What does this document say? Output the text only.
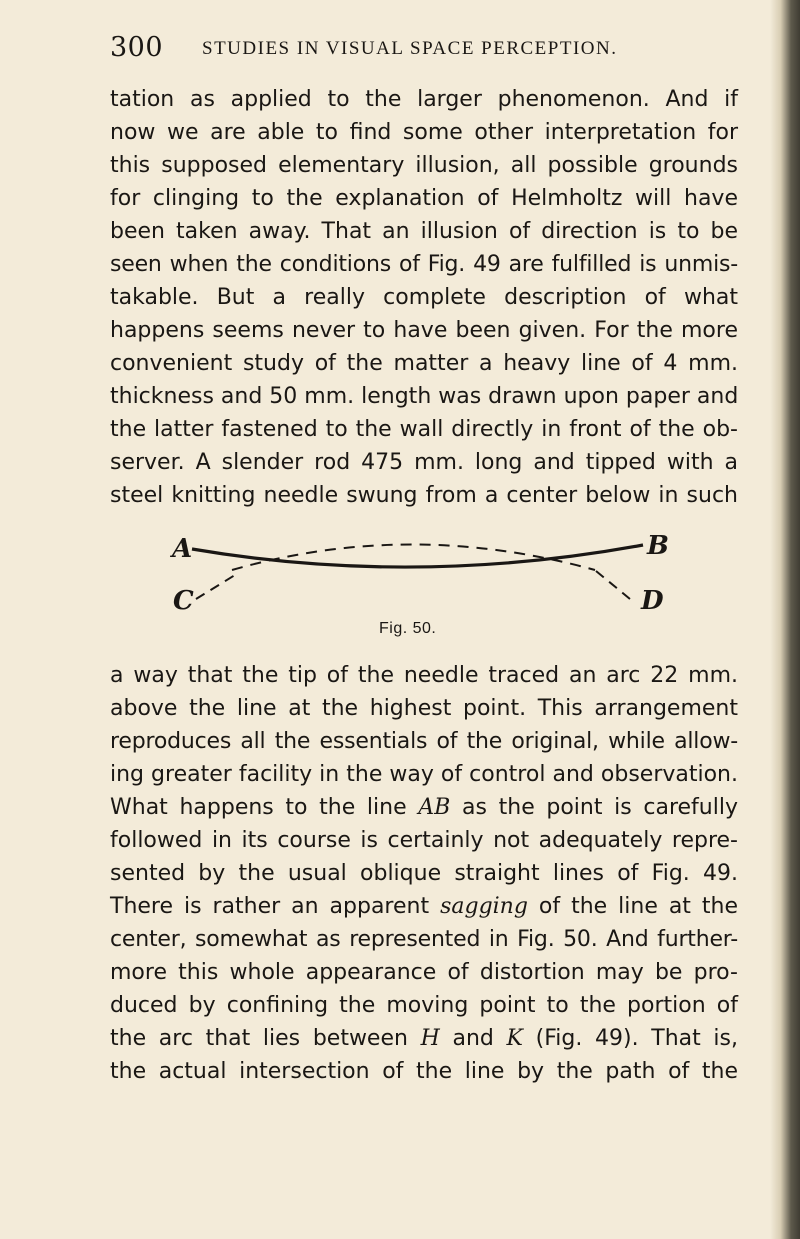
300 STUDIES IN VISUAL SPACE PERCEPTION.
tation as applied to the larger phenomenon. And if
now we are able to find some other interpretation for
this supposed elementary illusion, all possible grounds
for clinging to the explanation of Helmholtz will have
been taken away. That an illusion of direction is to be
seen when the conditions of Fig. 49 are fulfilled is unmis-
takable. But a really complete description of what
happens seems never to have been given. For the more
convenient study of the matter a heavy line of 4 mm.
thickness and 50 mm. length was drawn upon paper and
the latter fastened to the wall directly in front of the ob-
server. A slender rod 475 mm. long and tipped with a
steel knitting needle swung from a center below in such
A	B
C	D
Fig. 50.
a way that the tip of the needle traced an arc 22 mm.
above the line at the highest point. This arrangement
reproduces all the essentials of the original, while allow-
ing greater facility in the way of control and observation.
What happens to the line AB as the point is carefully
followed in its course is certainly not adequately repre-
sented by the usual oblique straight lines of Fig. 49.
There is rather an apparent sagging of the line at the
center, somewhat as represented in Fig. 50. And further-
more this whole appearance of distortion may be pro-
duced by confining the moving point to the portion of
the arc that lies between H and K (Fig. 49). That is,
the actual intersection of the line by the path of the
